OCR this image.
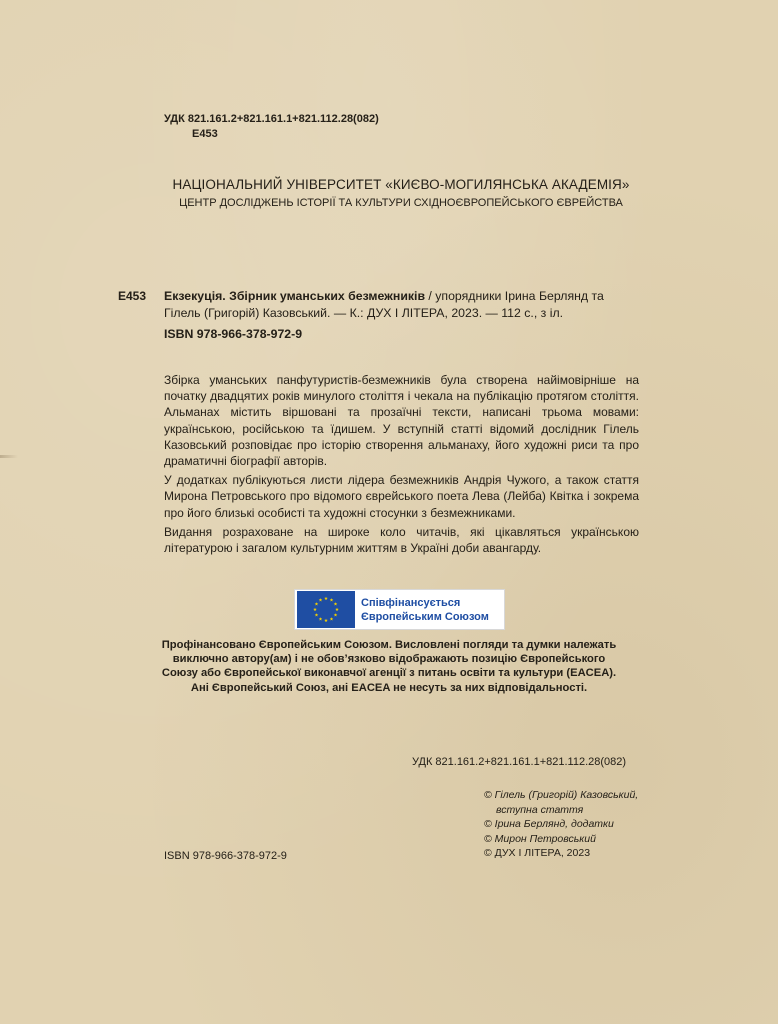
УДК 821.161.2+821.161.1+821.112.28(082)
Е453
НАЦІОНАЛЬНИЙ УНІВЕРСИТЕТ «КИЄВО-МОГИЛЯНСЬКА АКАДЕМІЯ»
ЦЕНТР ДОСЛІДЖЕНЬ ІСТОРІЇ ТА КУЛЬТУРИ СХІДНОЄВРОПЕЙСЬКОГО ЄВРЕЙСТВА
Е453 Екзекуція. Збірник уманських безмежників / упорядники Ірина Берлянд та Гілель (Григорій) Казовський. — К.: ДУХ І ЛІТЕРА, 2023. — 112 с., з іл.
ISBN 978-966-378-972-9

Збірка уманських панфутуристів-безмежників була створена найімовірніше на початку двадцятих років минулого століття і чекала на публікацію протягом століття. Альманах містить віршовані та прозаїчні тексти, написані трьома мовами: українською, російською та їдишем. У вступній статті відомий дослідник Гілель Казовський розповідає про історію створення альманаху, його художні риси та про драматичні біографії авторів.

У додатках публікуються листи лідера безмежників Андрія Чужого, а також стаття Мирона Петровського про відомого єврейського поета Лева (Лейба) Квітка і зокрема про його близькі особисті та художні стосунки з безмежниками.

Видання розраховане на широке коло читачів, які цікавляться українською літературою і загалом культурним життям в Україні доби авангарду.

Співфінансується
Європейським Союзом
Профінансовано Європейським Союзом. Висловлені погляди та думки належать
виключно автору(ам) і не обов’язково відображають позицію Європейського
Союзу або Європейської виконавчої агенції з питань освіти та культури (EACEA).
Ані Європейський Союз, ані EACEA не несуть за них відповідальності.
УДК 821.161.2+821.161.1+821.112.28(082)
ISBN 978-966-378-972-9
© Гілель (Григорій) Казовський,
вступна стаття
© Ірина Берлянд, додатки
© Мирон Петровський
© ДУХ І ЛІТЕРА, 2023
